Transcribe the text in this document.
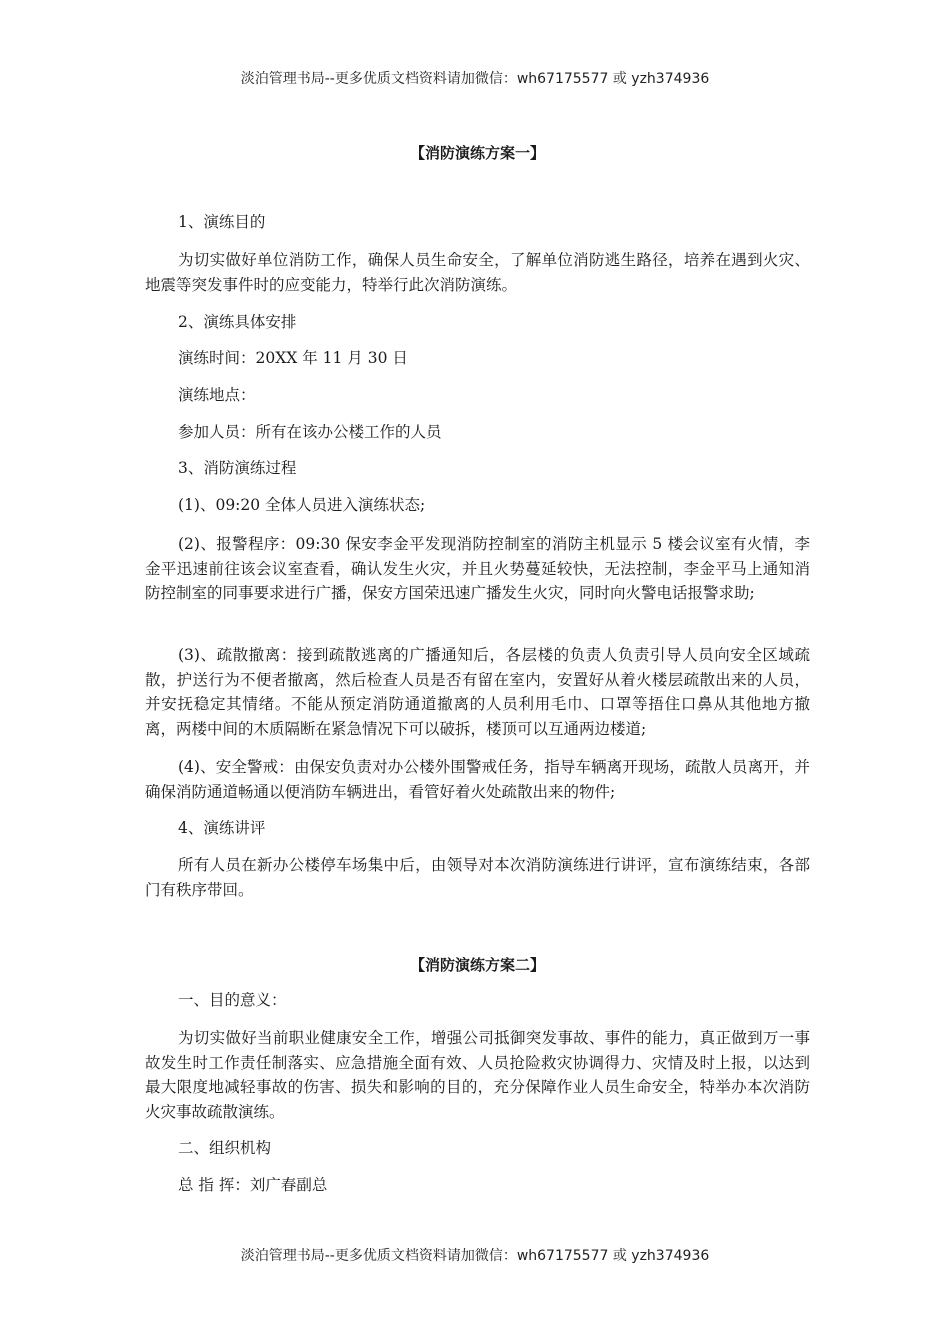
淡泊管理书局--更多优质文档资料请加微信：wh67175577 或 yzh374936
【消防演练方案一】
1、演练目的
为切实做好单位消防工作，确保人员生命安全，了解单位消防逃生路径，培养在遇到火灾、地震等突发事件时的应变能力，特举行此次消防演练。
2、演练具体安排
演练时间：20XX 年 11 月 30 日
演练地点：
参加人员：所有在该办公楼工作的人员
3、消防演练过程
(1)、09:20 全体人员进入演练状态;
(2)、报警程序：09:30 保安李金平发现消防控制室的消防主机显示 5 楼会议室有火情，李金平迅速前往该会议室查看，确认发生火灾，并且火势蔓延较快，无法控制，李金平马上通知消防控制室的同事要求进行广播，保安方国荣迅速广播发生火灾，同时向火警电话报警求助;
(3)、疏散撤离：接到疏散逃离的广播通知后，各层楼的负责人负责引导人员向安全区域疏散，护送行为不便者撤离，然后检查人员是否有留在室内，安置好从着火楼层疏散出来的人员，并安抚稳定其情绪。不能从预定消防通道撤离的人员利用毛巾、口罩等捂住口鼻从其他地方撤离，两楼中间的木质隔断在紧急情况下可以破拆，楼顶可以互通两边楼道;
(4)、安全警戒：由保安负责对办公楼外围警戒任务，指导车辆离开现场，疏散人员离开，并确保消防通道畅通以便消防车辆进出，看管好着火处疏散出来的物件;
4、演练讲评
所有人员在新办公楼停车场集中后，由领导对本次消防演练进行讲评，宣布演练结束，各部门有秩序带回。
【消防演练方案二】
一、目的意义：
为切实做好当前职业健康安全工作，增强公司抵御突发事故、事件的能力，真正做到万一事故发生时工作责任制落实、应急措施全面有效、人员抢险救灾协调得力、灾情及时上报，以达到最大限度地减轻事故的伤害、损失和影响的目的，充分保障作业人员生命安全，特举办本次消防火灾事故疏散演练。
二、组织机构
总 指 挥：刘广春副总
淡泊管理书局--更多优质文档资料请加微信：wh67175577 或 yzh374936
